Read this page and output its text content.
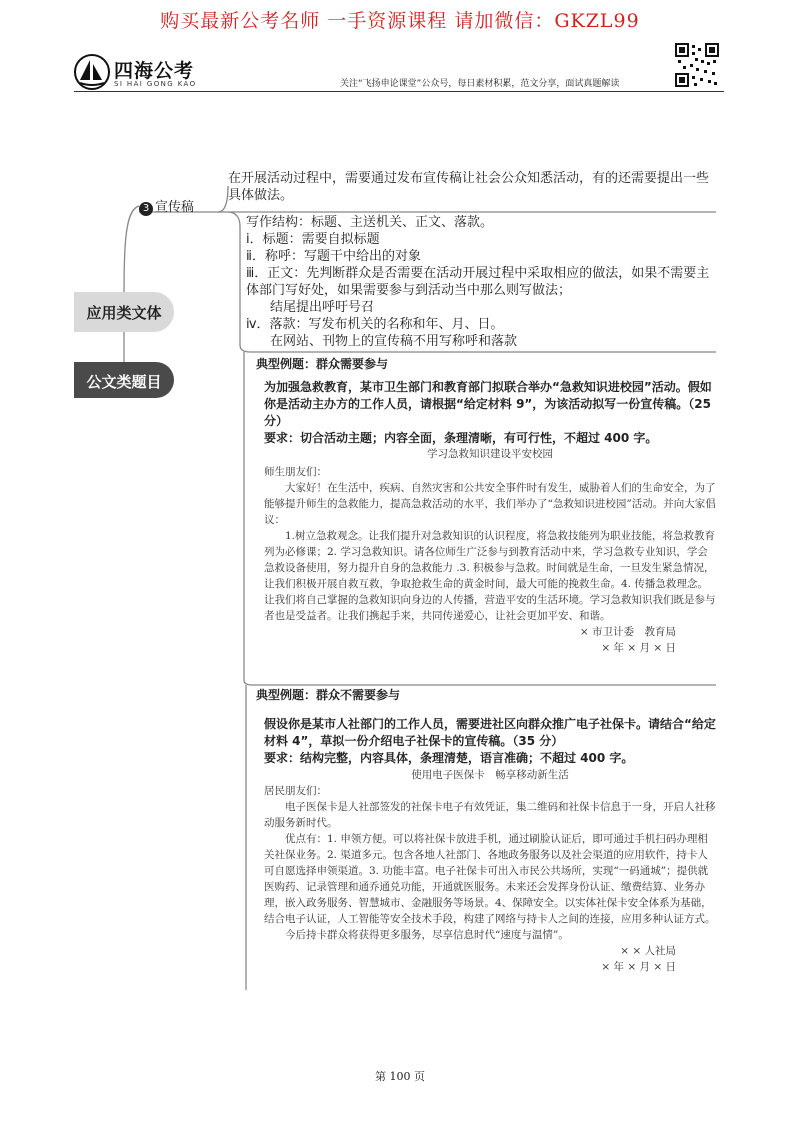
购买最新公考名师 一手资源课程 请加微信：GKZL99
四海公考
SI HAI GONG KAO	关注“飞扬申论课堂”公众号，每日素材积累，范文分享，面试真题解读
应用类文体
公文类题目
3 宣传稿
在开展活动过程中，需要通过发布宣传稿让社会公众知悉活动，有的还需要提出一些具体做法。
写作结构：标题、主送机关、正文、落款。
ⅰ．标题：需要自拟标题
ⅱ．称呼：写题干中给出的对象
ⅲ．正文：先判断群众是否需要在活动开展过程中采取相应的做法，如果不需要主体部门写好处，如果需要参与到活动当中那么则写做法；
结尾提出呼吁号召
ⅳ．落款：写发布机关的名称和年、月、日。
在网站、刊物上的宣传稿不用写称呼和落款
典型例题：群众需要参与
为加强急救教育，某市卫生部门和教育部门拟联合举办“急救知识进校园”活动。假如你是活动主办方的工作人员，请根据“给定材料 9”，为该活动拟写一份宣传稿。（25 分）
要求：切合活动主题；内容全面，条理清晰，有可行性，不超过 400 字。
学习急救知识建设平安校园
师生朋友们：
大家好！在生活中，疾病、自然灾害和公共安全事件时有发生，威胁着人们的生命安全，为了能够提升师生的急救能力，提高急救活动的水平，我们举办了“急救知识进校园”活动。并向大家倡议：
1.树立急救观念。让我们提升对急救知识的认识程度，将急救技能列为职业技能，将急救教育列为必修课；2. 学习急救知识。请各位师生广泛参与到教育活动中来，学习急救专业知识，学会急救设备使用，努力提升自身的急救能力 .3. 积极参与急救。时间就是生命，一旦发生紧急情况，让我们积极开展自救互救，争取抢救生命的黄金时间，最大可能的挽救生命。4. 传播急救理念。让我们将自己掌握的急救知识向身边的人传播，营造平安的生活环境。学习急救知识我们既是参与者也是受益者。让我们携起手来，共同传递爱心，让社会更加平安、和谐。
× 市卫计委　教育局
× 年 × 月 × 日
典型例题：群众不需要参与
假设你是某市人社部门的工作人员，需要进社区向群众推广电子社保卡。请结合“给定材料 4”，草拟一份介绍电子社保卡的宣传稿。（35 分）
要求：结构完整，内容具体，条理清楚，语言准确；不超过 400 字。
使用电子医保卡　畅享移动新生活
居民朋友们：
电子医保卡是人社部签发的社保卡电子有效凭证，集二维码和社保卡信息于一身，开启人社移动服务新时代。
优点有：1. 申领方便。可以将社保卡放进手机，通过刷脸认证后，即可通过手机扫码办理相关社保业务。2. 渠道多元。包含各地人社部门、各地政务服务以及社会渠道的应用软件，持卡人可自愿选择申领渠道。3. 功能丰富。电子社保卡可出入市民公共场所，实现“一码通城”；提供就医购药、记录管理和通乔通兑功能，开通就医服务。未来还会发挥身份认证、缴费结算、业务办理，嵌入政务服务、智慧城市、金融服务等场景。4、保障安全。以实体社保卡安全体系为基础，结合电子认证，人工智能等安全技术手段，构建了网络与持卡人之间的连接，应用多种认证方式。
今后持卡群众将获得更多服务，尽享信息时代“速度与温情”。
× × 人社局
× 年 × 月 × 日
第 100 页
